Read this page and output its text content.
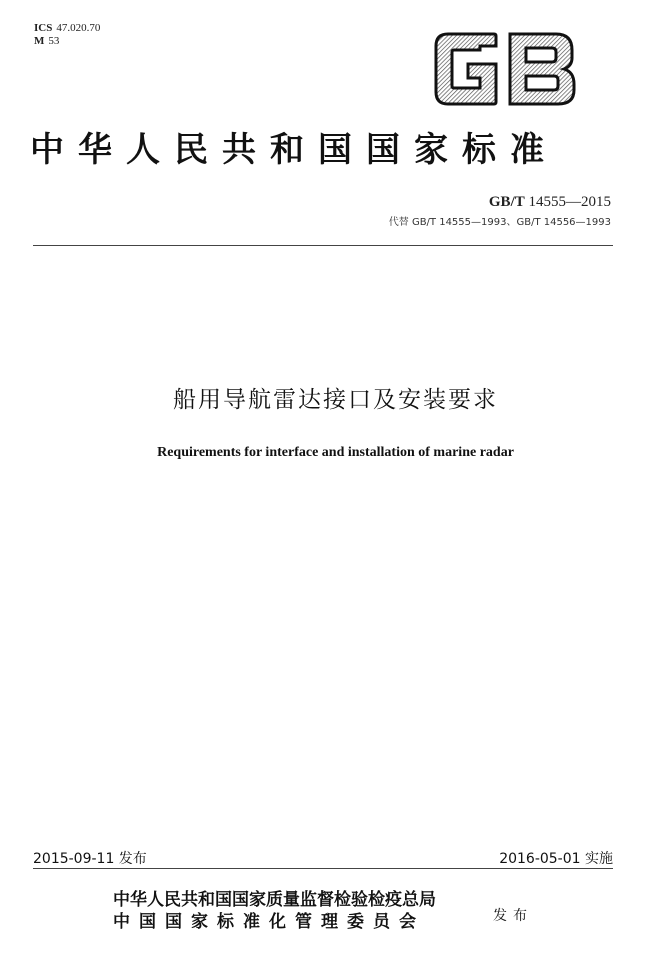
ICS 47.020.70
M 53
中华人民共和国国家标准
GB/T 14555—2015
代替 GB/T 14555—1993、GB/T 14556—1993
船用导航雷达接口及安装要求
Requirements for interface and installation of marine radar
2015-09-11 发布	2016-05-01 实施
中华人民共和国国家质量监督检验检疫总局
中国国家标准化管理委员会	发布
